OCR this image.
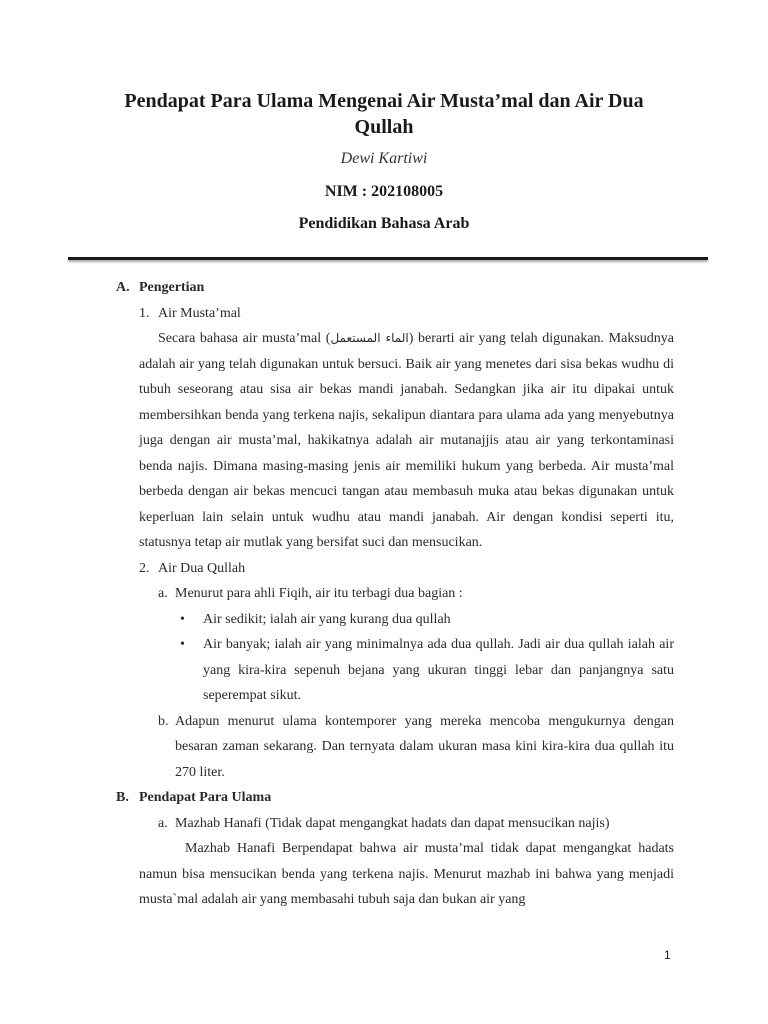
Pendapat Para Ulama Mengenai Air Musta’mal dan Air Dua Qullah
Dewi Kartiwi
NIM : 202108005
Pendidikan Bahasa Arab
A. Pengertian
1. Air Musta’mal
Secara bahasa air musta’mal (الماء المستعمل) berarti air yang telah digunakan. Maksudnya adalah air yang telah digunakan untuk bersuci. Baik air yang menetes dari sisa bekas wudhu di tubuh seseorang atau sisa air bekas mandi janabah. Sedangkan jika air itu dipakai untuk membersihkan benda yang terkena najis, sekalipun diantara para ulama ada yang menyebutnya juga dengan air musta’mal, hakikatnya adalah air mutanajjis atau air yang terkontaminasi benda najis. Dimana masing-masing jenis air memiliki hukum yang berbeda. Air musta’mal berbeda dengan air bekas mencuci tangan atau membasuh muka atau bekas digunakan untuk keperluan lain selain untuk wudhu atau mandi janabah. Air dengan kondisi seperti itu, statusnya tetap air mutlak yang bersifat suci dan mensucikan.
2. Air Dua Qullah
a. Menurut para ahli Fiqih, air itu terbagi dua bagian :
• Air sedikit; ialah air yang kurang dua qullah
• Air banyak; ialah air yang minimalnya ada dua qullah. Jadi air dua qullah ialah air yang kira-kira sepenuh bejana yang ukuran tinggi lebar dan panjangnya satu seperempat sikut.
b. Adapun menurut ulama kontemporer yang mereka mencoba mengukurnya dengan besaran zaman sekarang. Dan ternyata dalam ukuran masa kini kira-kira dua qullah itu 270 liter.
B. Pendapat Para Ulama
a. Mazhab Hanafi (Tidak dapat mengangkat hadats dan dapat mensucikan najis)
Mazhab Hanafi Berpendapat bahwa air musta’mal tidak dapat mengangkat hadats namun bisa mensucikan benda yang terkena najis. Menurut mazhab ini bahwa yang menjadi musta`mal adalah air yang membasahi tubuh saja dan bukan air yang
1
